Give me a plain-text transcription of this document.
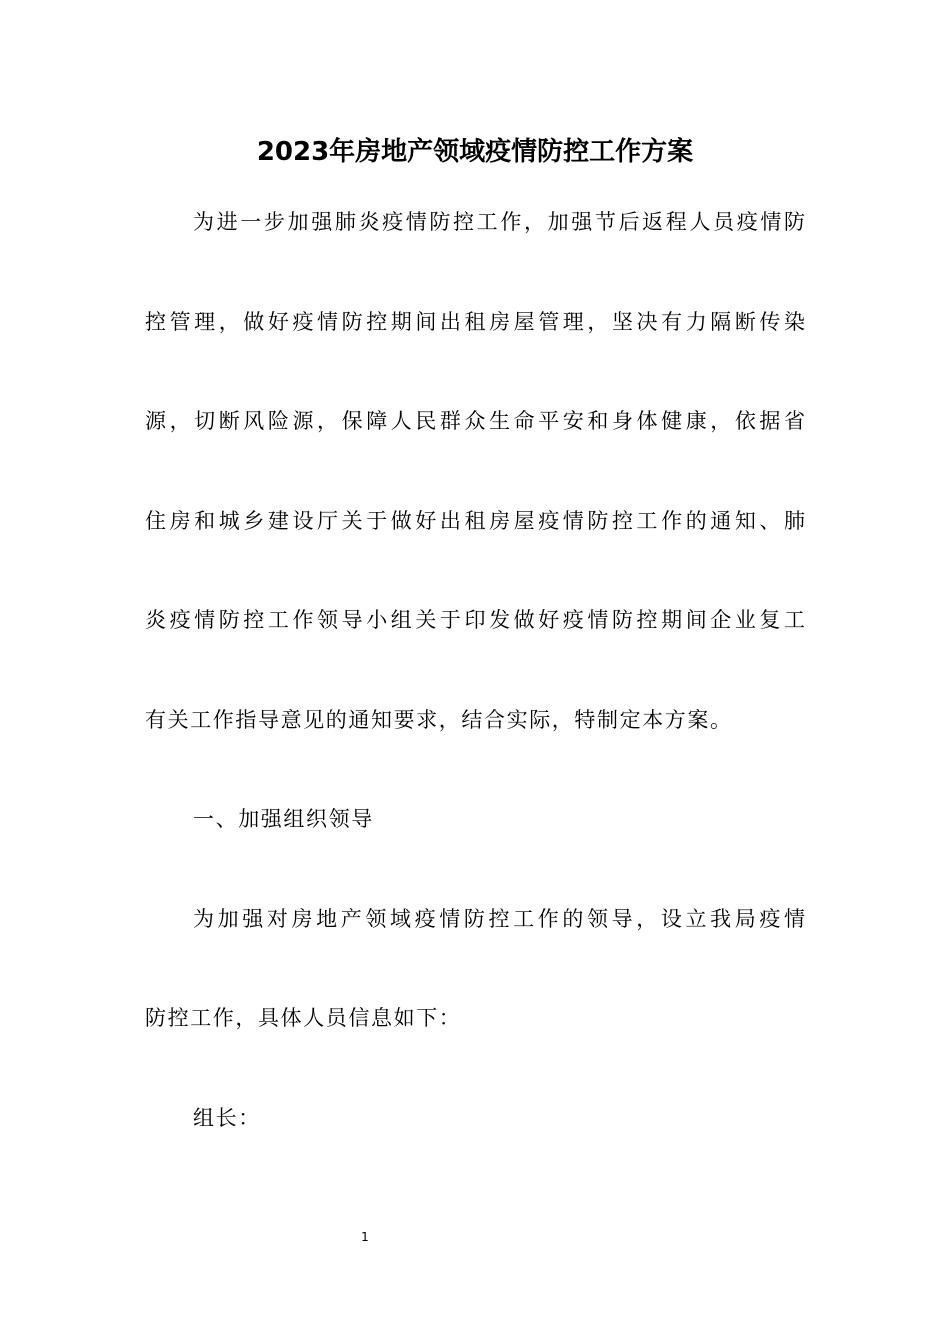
2023年房地产领域疫情防控工作方案
为进一步加强肺炎疫情防控工作，加强节后返程人员疫情防
控管理，做好疫情防控期间出租房屋管理，坚决有力隔断传染
源，切断风险源，保障人民群众生命平安和身体健康，依据省
住房和城乡建设厅关于做好出租房屋疫情防控工作的通知、肺
炎疫情防控工作领导小组关于印发做好疫情防控期间企业复工
有关工作指导意见的通知要求，结合实际，特制定本方案。
一、加强组织领导
为加强对房地产领域疫情防控工作的领导，设立我局疫情
防控工作，具体人员信息如下：
组长：
1
